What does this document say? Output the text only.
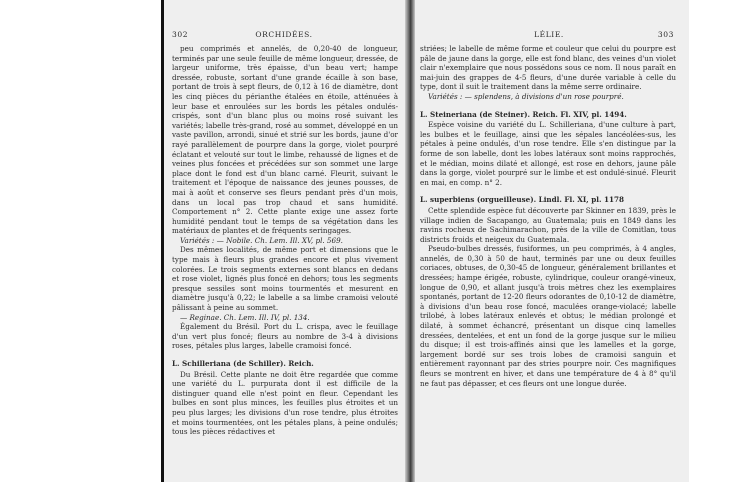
302	ORCHIDÉES.

peu comprimés et annelés, de 0,20-40 de longueur, terminés par une seule feuille de même longueur, dressée, de largeur uniforme, très épaisse, d'un beau vert; hampe dressée, robuste, sortant d'une grande écaille à son base, portant de trois à sept fleurs, de 0,12 à 16 de diamètre, dont les cinq pièces du périanthe étalées en étoile, atténuées à leur base et enroulées sur les bords les pétales ondulés-crispés, sont d'un blanc plus ou moins rosé suivant les variétés; labelle très-grand, rosé au sommet, développé en un vaste pavillon, arrondi, sinué et strié sur les bords, jaune d'or rayé parallèlement de pourpre dans la gorge, violet pourpré éclatant et velouté sur tout le limbe, rehaussé de lignes et de veines plus foncées et précédées sur son sommet une large place dont le fond est d'un blanc carné. Fleurit, suivant le traitement et l'époque de naissance des jeunes pousses, de mai à août et conserve ses fleurs pendant près d'un mois, dans un local pas trop chaud et sans humidité. Comportement n° 2. Cette plante exige une assez forte humidité pendant tout le temps de sa végétation dans les matériaux de plantes et de fréquents seringages.

Variétés : — Nobile. Ch. Lem. Ill. XV, pl. 569.

Des mêmes localités, de même port et dimensions que le type mais à fleurs plus grandes encore et plus vivement colorées. Le trois segments externes sont blancs en dedans et rose violet, lignés plus foncé en dehors; tous les segments presque sessiles sont moins tourmentés et mesurent en diamètre jusqu'à 0,22; le labelle a sa limbe cramoisi velouté pâlissant à peine au sommet.

— Reginae. Ch. Lem. Ill. IV, pl. 134.

Également du Brésil. Port du L. crispa, avec le feuillage d'un vert plus foncé; fleurs au nombre de 3-4 à divisions roses, pétales plus larges, labelle cramoisi foncé.

L. Schilleriana (de Schiller). Reich.

Du Brésil. Cette plante ne doit être regardée que comme une variété du L. purpurata dont il est difficile de la distinguer quand elle n'est point en fleur. Cependant les bulbes en sont plus minces, les feuilles plus étroites et un peu plus larges; les divisions d'un rose tendre, plus étroites et moins tourmentées, ont les pétales plans, à peine ondulés; tous les pièces rédactives et

LÉLIE.	303

striées; le labelle de même forme et couleur que celui du pourpre est pâle de jaune dans la gorge, elle est fond blanc, des veines d'un violet clair n'exemplaire que nous possédons sous ce nom. Il nous paraît en mai-juin des grappes de 4-5 fleurs, d'une durée variable à celle du type, dont il suit le traitement dans la même serre ordinaire.

Variétés : — splendens, à divisions d'un rose pourpré.

L. Steineriana (de Steiner). Reich. Fl. XIV, pl. 1494.

Espèce voisine du variété du L. Schilleriana, d'une culture à part, les bulbes et le feuillage, ainsi que les sépales lancéolées-sus, les pétales à peine ondulés, d'un rose tendre. Elle s'en distingue par la forme de son labelle, dont les lobes latéraux sont moins rapprochés, et le médian, moins dilaté et allongé, est rose en dehors, jaune pâle dans la gorge, violet pourpré sur le limbe et est ondulé-sinué. Fleurit en mai, en comp. n° 2.

L. superbiens (orgueilleuse). Lindl. Fl. XI, pl. 1178

Cette splendide espèce fut découverte par Skinner en 1839, près le village indien de Sacapango, au Guatemala; puis en 1849 dans les ravins rocheux de Sachimarachon, près de la ville de Comitlan, tous districts froids et neigeux du Guatemala.

Pseudo-bulbes dressés, fusiformes, un peu comprimés, à 4 angles, annelés, de 0,30 à 50 de haut, terminés par une ou deux feuilles coriaces, obtuses, de 0,30-45 de longueur, généralement brillantes et dressées; hampe érigée, robuste, cylindrique, couleur orangé-vineux, longue de 0,90, et allant jusqu'à trois mètres chez les exemplaires spontanés, portant de 12-20 fleurs odorantes de 0,10-12 de diamètre, à divisions d'un beau rose foncé, maculées orange-violacé; labelle trilobé, à lobes latéraux enlevés et obtus; le médian prolongé et dilaté, à sommet échancré, présentant un disque cinq lamelles dressées, dentelées, et ent un fond de la gorge jusque sur le milieu du disque; il est trois-affinés ainsi que les lamelles et la gorge, largement bordé sur ses trois lobes de cramoisi sanguin et entièrement rayonnant par des stries pourpre noir. Ces magnifiques fleurs se montrent en hiver, et dans une température de 4 à 8° qu'il ne faut pas dépasser, et ces fleurs ont une longue durée.
